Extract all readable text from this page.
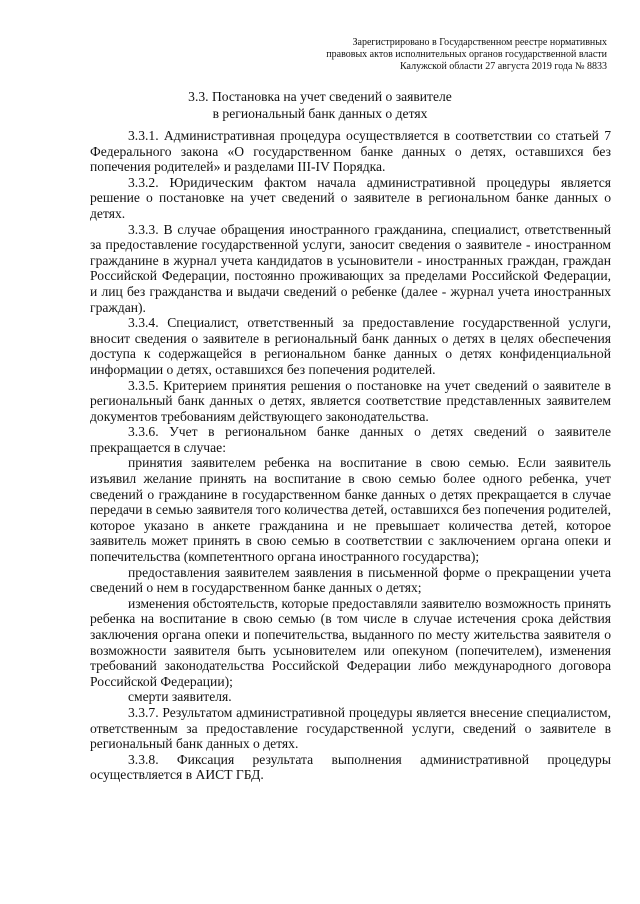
Зарегистрировано в Государственном реестре нормативных
правовых актов исполнительных органов государственной власти
Калужской области 27 августа 2019 года № 8833
3.3. Постановка на учет сведений о заявителе
в региональный банк данных о детях

3.3.1. Административная процедура осуществляется в соответствии со статьей 7 Федерального закона «О государственном банке данных о детях, оставшихся без попечения родителей» и разделами III-IV Порядка.

3.3.2. Юридическим фактом начала административной процедуры является решение о постановке на учет сведений о заявителе в региональном банке данных о детях.

3.3.3. В случае обращения иностранного гражданина, специалист, ответственный за предоставление государственной услуги, заносит сведения о заявителе - иностранном гражданине в журнал учета кандидатов в усыновители - иностранных граждан, граждан Российской Федерации, постоянно проживающих за пределами Российской Федерации, и лиц без гражданства и выдачи сведений о ребенке (далее - журнал учета иностранных граждан).

3.3.4. Специалист, ответственный за предоставление государственной услуги, вносит сведения о заявителе в региональный банк данных о детях в целях обеспечения доступа к содержащейся в региональном банке данных о детях конфиденциальной информации о детях, оставшихся без попечения родителей.

3.3.5. Критерием принятия решения о постановке на учет сведений о заявителе в региональный банк данных о детях, является соответствие представленных заявителем документов требованиям действующего законодательства.

3.3.6. Учет в региональном банке данных о детях сведений о заявителе прекращается в случае:

принятия заявителем ребенка на воспитание в свою семью. Если заявитель изъявил желание принять на воспитание в свою семью более одного ребенка, учет сведений о гражданине в государственном банке данных о детях прекращается в случае передачи в семью заявителя того количества детей, оставшихся без попечения родителей, которое указано в анкете гражданина и не превышает количества детей, которое заявитель может принять в свою семью в соответствии с заключением органа опеки и попечительства (компетентного органа иностранного государства);

предоставления заявителем заявления в письменной форме о прекращении учета сведений о нем в государственном банке данных о детях;

изменения обстоятельств, которые предоставляли заявителю возможность принять ребенка на воспитание в свою семью (в том числе в случае истечения срока действия заключения органа опеки и попечительства, выданного по месту жительства заявителя о возможности заявителя быть усыновителем или опекуном (попечителем), изменения требований законодательства Российской Федерации либо международного договора Российской Федерации);

смерти заявителя.

3.3.7. Результатом административной процедуры является внесение специалистом, ответственным за предоставление государственной услуги, сведений о заявителе в региональный банк данных о детях.

3.3.8. Фиксация результата выполнения административной процедуры осуществляется в АИСТ ГБД.
